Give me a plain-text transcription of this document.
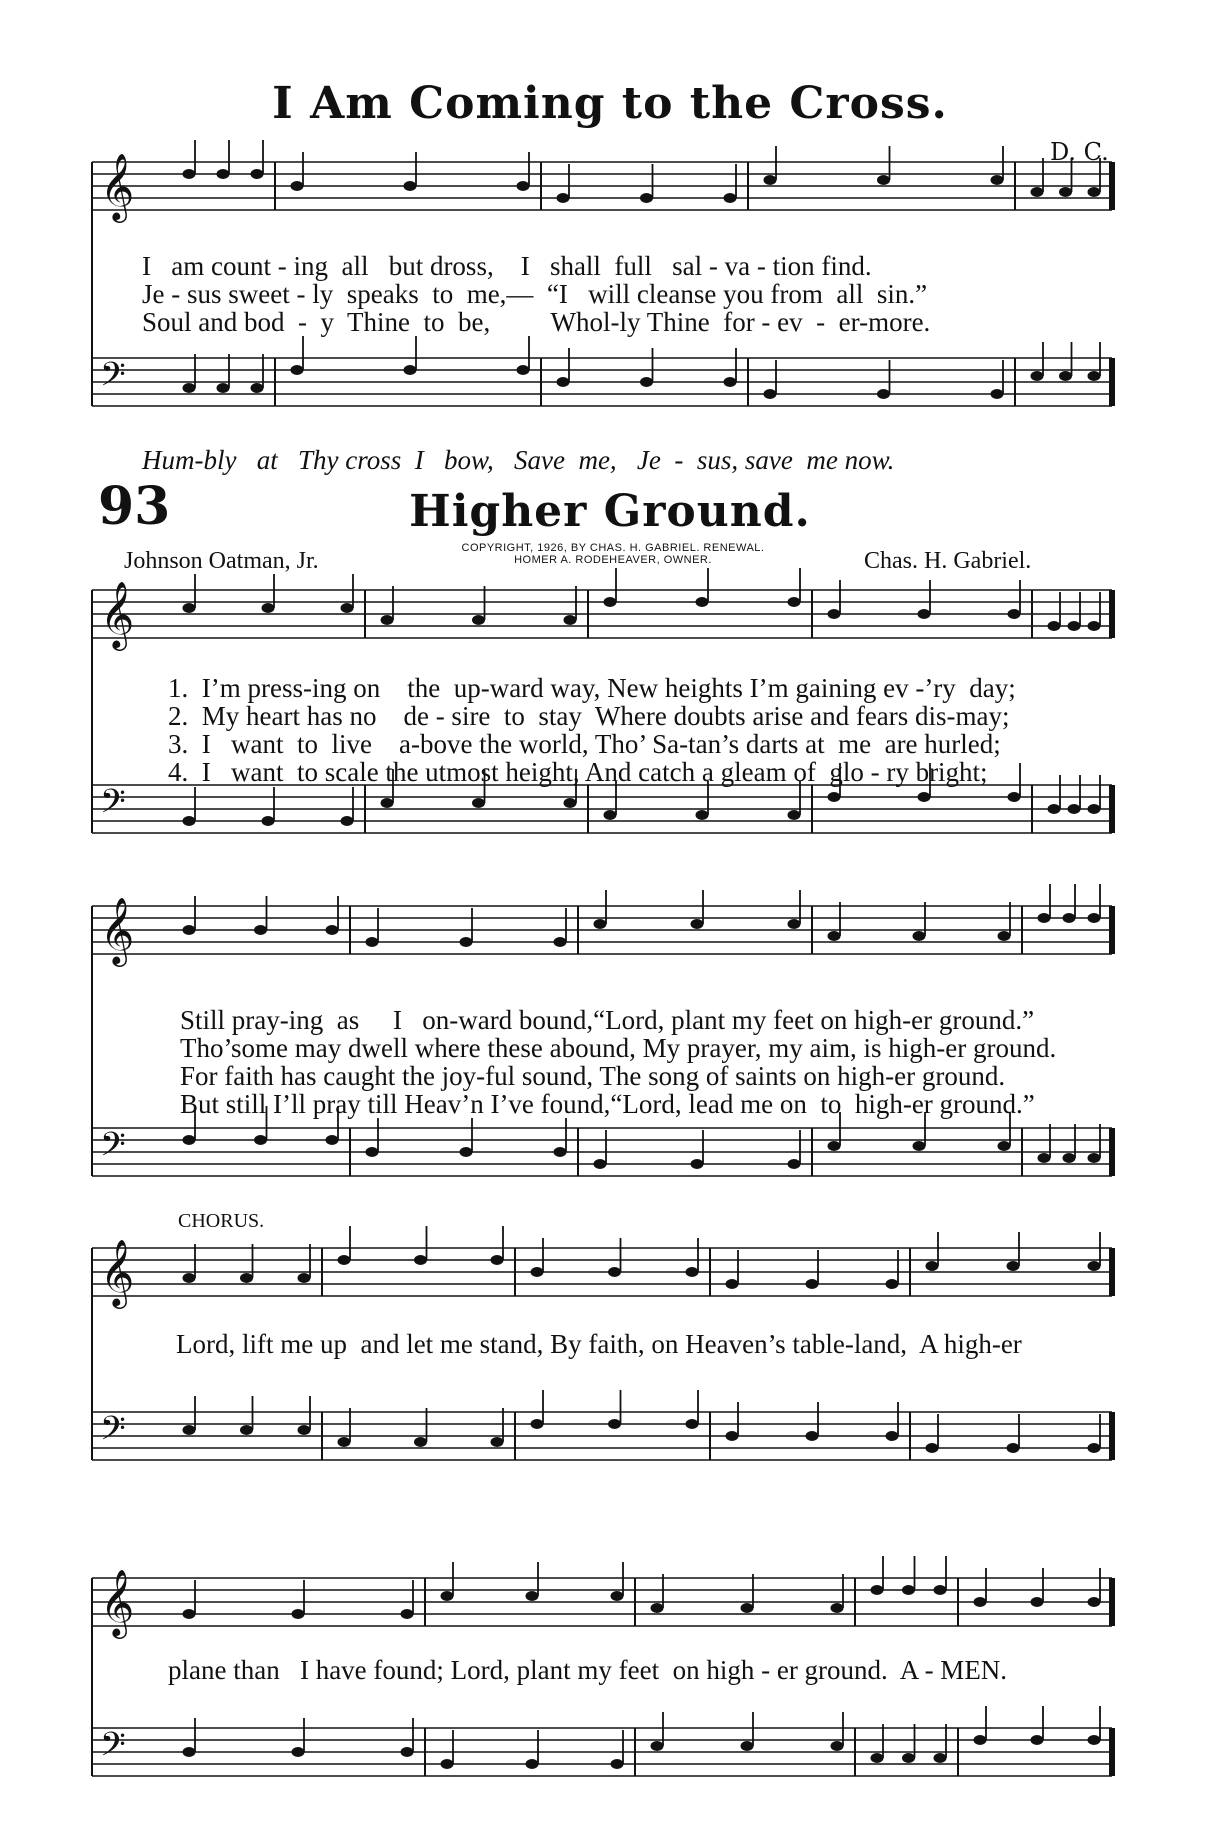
𝄞
𝄢
𝄞
𝄢
𝄞
𝄢
𝄞
𝄢
𝄞
𝄢
I Am Coming to the Cross.
D. C.
I   am count - ing  all   but dross,    I   shall  full   sal - va - tion find.
Je - sus sweet - ly  speaks  to  me,—  “I   will cleanse you from  all  sin.”
Soul and bod  -  y  Thine  to  be,         Whol-ly Thine  for - ev  -  er-more.
Hum-bly   at   Thy cross  I   bow,   Save  me,   Je  -  sus, save  me now.
93	Higher Ground.
Johnson Oatman, Jr.	COPYRIGHT, 1926, BY CHAS. H. GABRIEL. RENEWAL.
HOMER A. RODEHEAVER, OWNER.	Chas. H. Gabriel.
1.  I’m press-ing on    the  up-ward way, New heights I’m gaining ev -’ry  day;
2.  My heart has no    de - sire  to  stay  Where doubts arise and fears dis-may;
3.  I   want  to  live    a-bove the world, Tho’ Sa-tan’s darts at  me  are hurled;
4.  I   want  to scale the utmost height, And catch a gleam of  glo - ry bright;
Still pray-ing  as     I   on-ward bound,“Lord, plant my feet on high-er ground.”
Tho’some may dwell where these abound, My prayer, my aim, is high-er ground.
For faith has caught the joy-ful sound, The song of saints on high-er ground.
But still I’ll pray till Heav’n I’ve found,“Lord, lead me on  to  high-er ground.”
CHORUS.
Lord, lift me up  and let me stand, By faith, on Heaven’s table-land,  A high-er
plane than   I have found; Lord, plant my feet  on high - er ground.  A - MEN.
